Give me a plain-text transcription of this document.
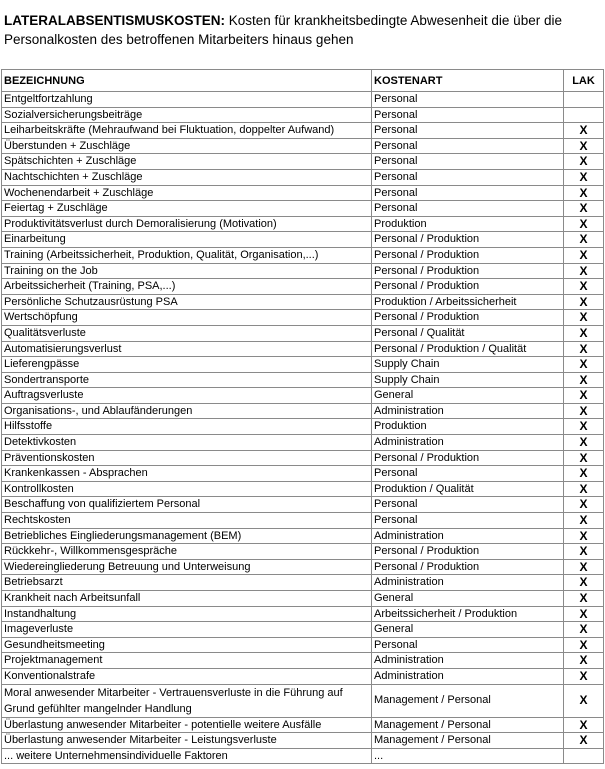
LATERALABSENTISMUSKOSTEN: Kosten für krankheitsbedingte Abwesenheit die über die Personalkosten des betroffenen Mitarbeiters hinaus gehen
BEZEICHNUNG	KOSTENART	LAK
Entgeltfortzahlung	Personal	
Sozialversicherungsbeiträge	Personal	
Leiharbeitskräfte (Mehraufwand bei Fluktuation, doppelter Aufwand)	Personal	X
Überstunden + Zuschläge	Personal	X
Spätschichten + Zuschläge	Personal	X
Nachtschichten + Zuschläge	Personal	X
Wochenendarbeit + Zuschläge	Personal	X
Feiertag + Zuschläge	Personal	X
Produktivitätsverlust durch Demoralisierung (Motivation)	Produktion	X
Einarbeitung	Personal / Produktion	X
Training (Arbeitssicherheit, Produktion, Qualität, Organisation,...)	Personal / Produktion	X
Training on the Job	Personal / Produktion	X
Arbeitssicherheit (Training, PSA,...)	Personal / Produktion	X
Persönliche Schutzausrüstung PSA	Produktion / Arbeitssicherheit	X
Wertschöpfung	Personal / Produktion	X
Qualitätsverluste	Personal / Qualität	X
Automatisierungsverlust	Personal / Produktion / Qualität	X
Lieferengpässe	Supply Chain	X
Sondertransporte	Supply Chain	X
Auftragsverluste	General	X
Organisations-, und Ablaufänderungen	Administration	X
Hilfsstoffe	Produktion	X
Detektivkosten	Administration	X
Präventionskosten	Personal / Produktion	X
Krankenkassen - Absprachen	Personal	X
Kontrollkosten	Produktion / Qualität	X
Beschaffung von qualifiziertem Personal	Personal	X
Rechtskosten	Personal	X
Betriebliches Eingliederungsmanagement (BEM)	Administration	X
Rückkehr-, Willkommensgespräche	Personal / Produktion	X
Wiedereingliederung Betreuung und Unterweisung	Personal / Produktion	X
Betriebsarzt	Administration	X
Krankheit nach Arbeitsunfall	General	X
Instandhaltung	Arbeitssicherheit / Produktion	X
Imageverluste	General	X
Gesundheitsmeeting	Personal	X
Projektmanagement	Administration	X
Konventionalstrafe	Administration	X
Moral anwesender Mitarbeiter - Vertrauensverluste in die Führung auf Grund gefühlter mangelnder Handlung	Management / Personal	X
Überlastung anwesender Mitarbeiter - potentielle weitere Ausfälle	Management / Personal	X
Überlastung anwesender Mitarbeiter - Leistungsverluste	Management / Personal	X
... weitere Unternehmensindividuelle Faktoren	...	
